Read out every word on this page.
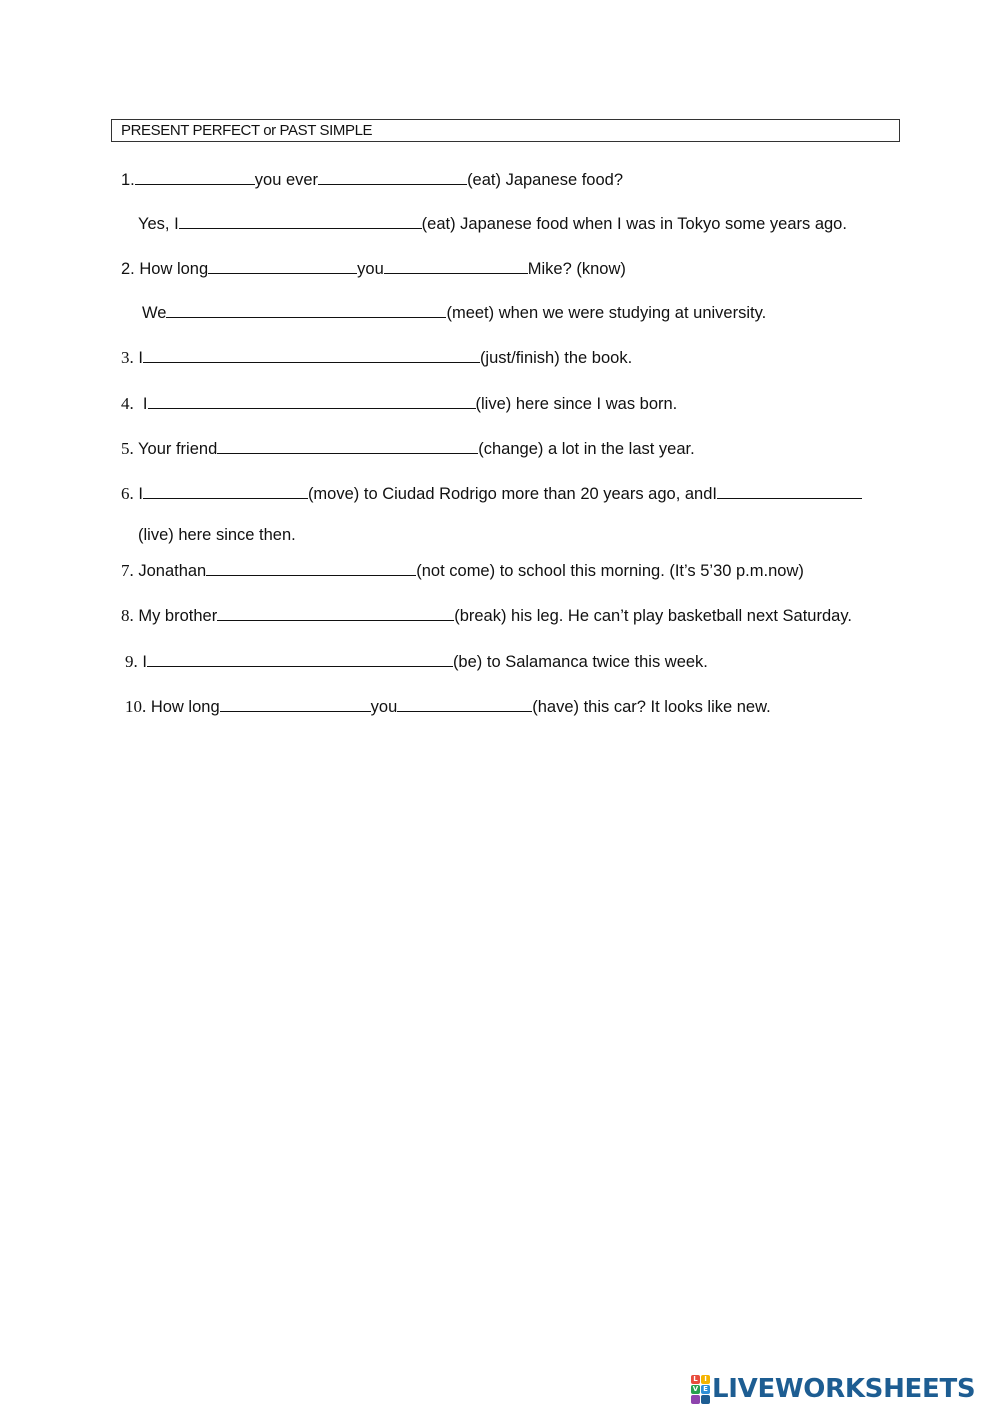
PRESENT PERFECT or PAST SIMPLE
1.	you ever	(eat) Japanese food?
Yes, I	(eat) Japanese food when I was in Tokyo some years ago.
2. How long	you	Mike? (know)
We	(meet) when we were studying at university.
3. I	(just/finish) the book.
4. I	(live) here since I was born.
5. Your friend	(change) a lot in the last year.
6. I	(move) to Ciudad Rodrigo more than 20 years ago, andI
(live) here since then.
7. Jonathan	(not come) to school this morning. (It’s 5’30 p.m.now)
8. My brother	(break) his leg. He can’t play basketball next Saturday.
9. I	(be) to Salamanca twice this week.
10. How long	you	(have) this car? It looks like new.
L I
V E LIVEWORKSHEETS
